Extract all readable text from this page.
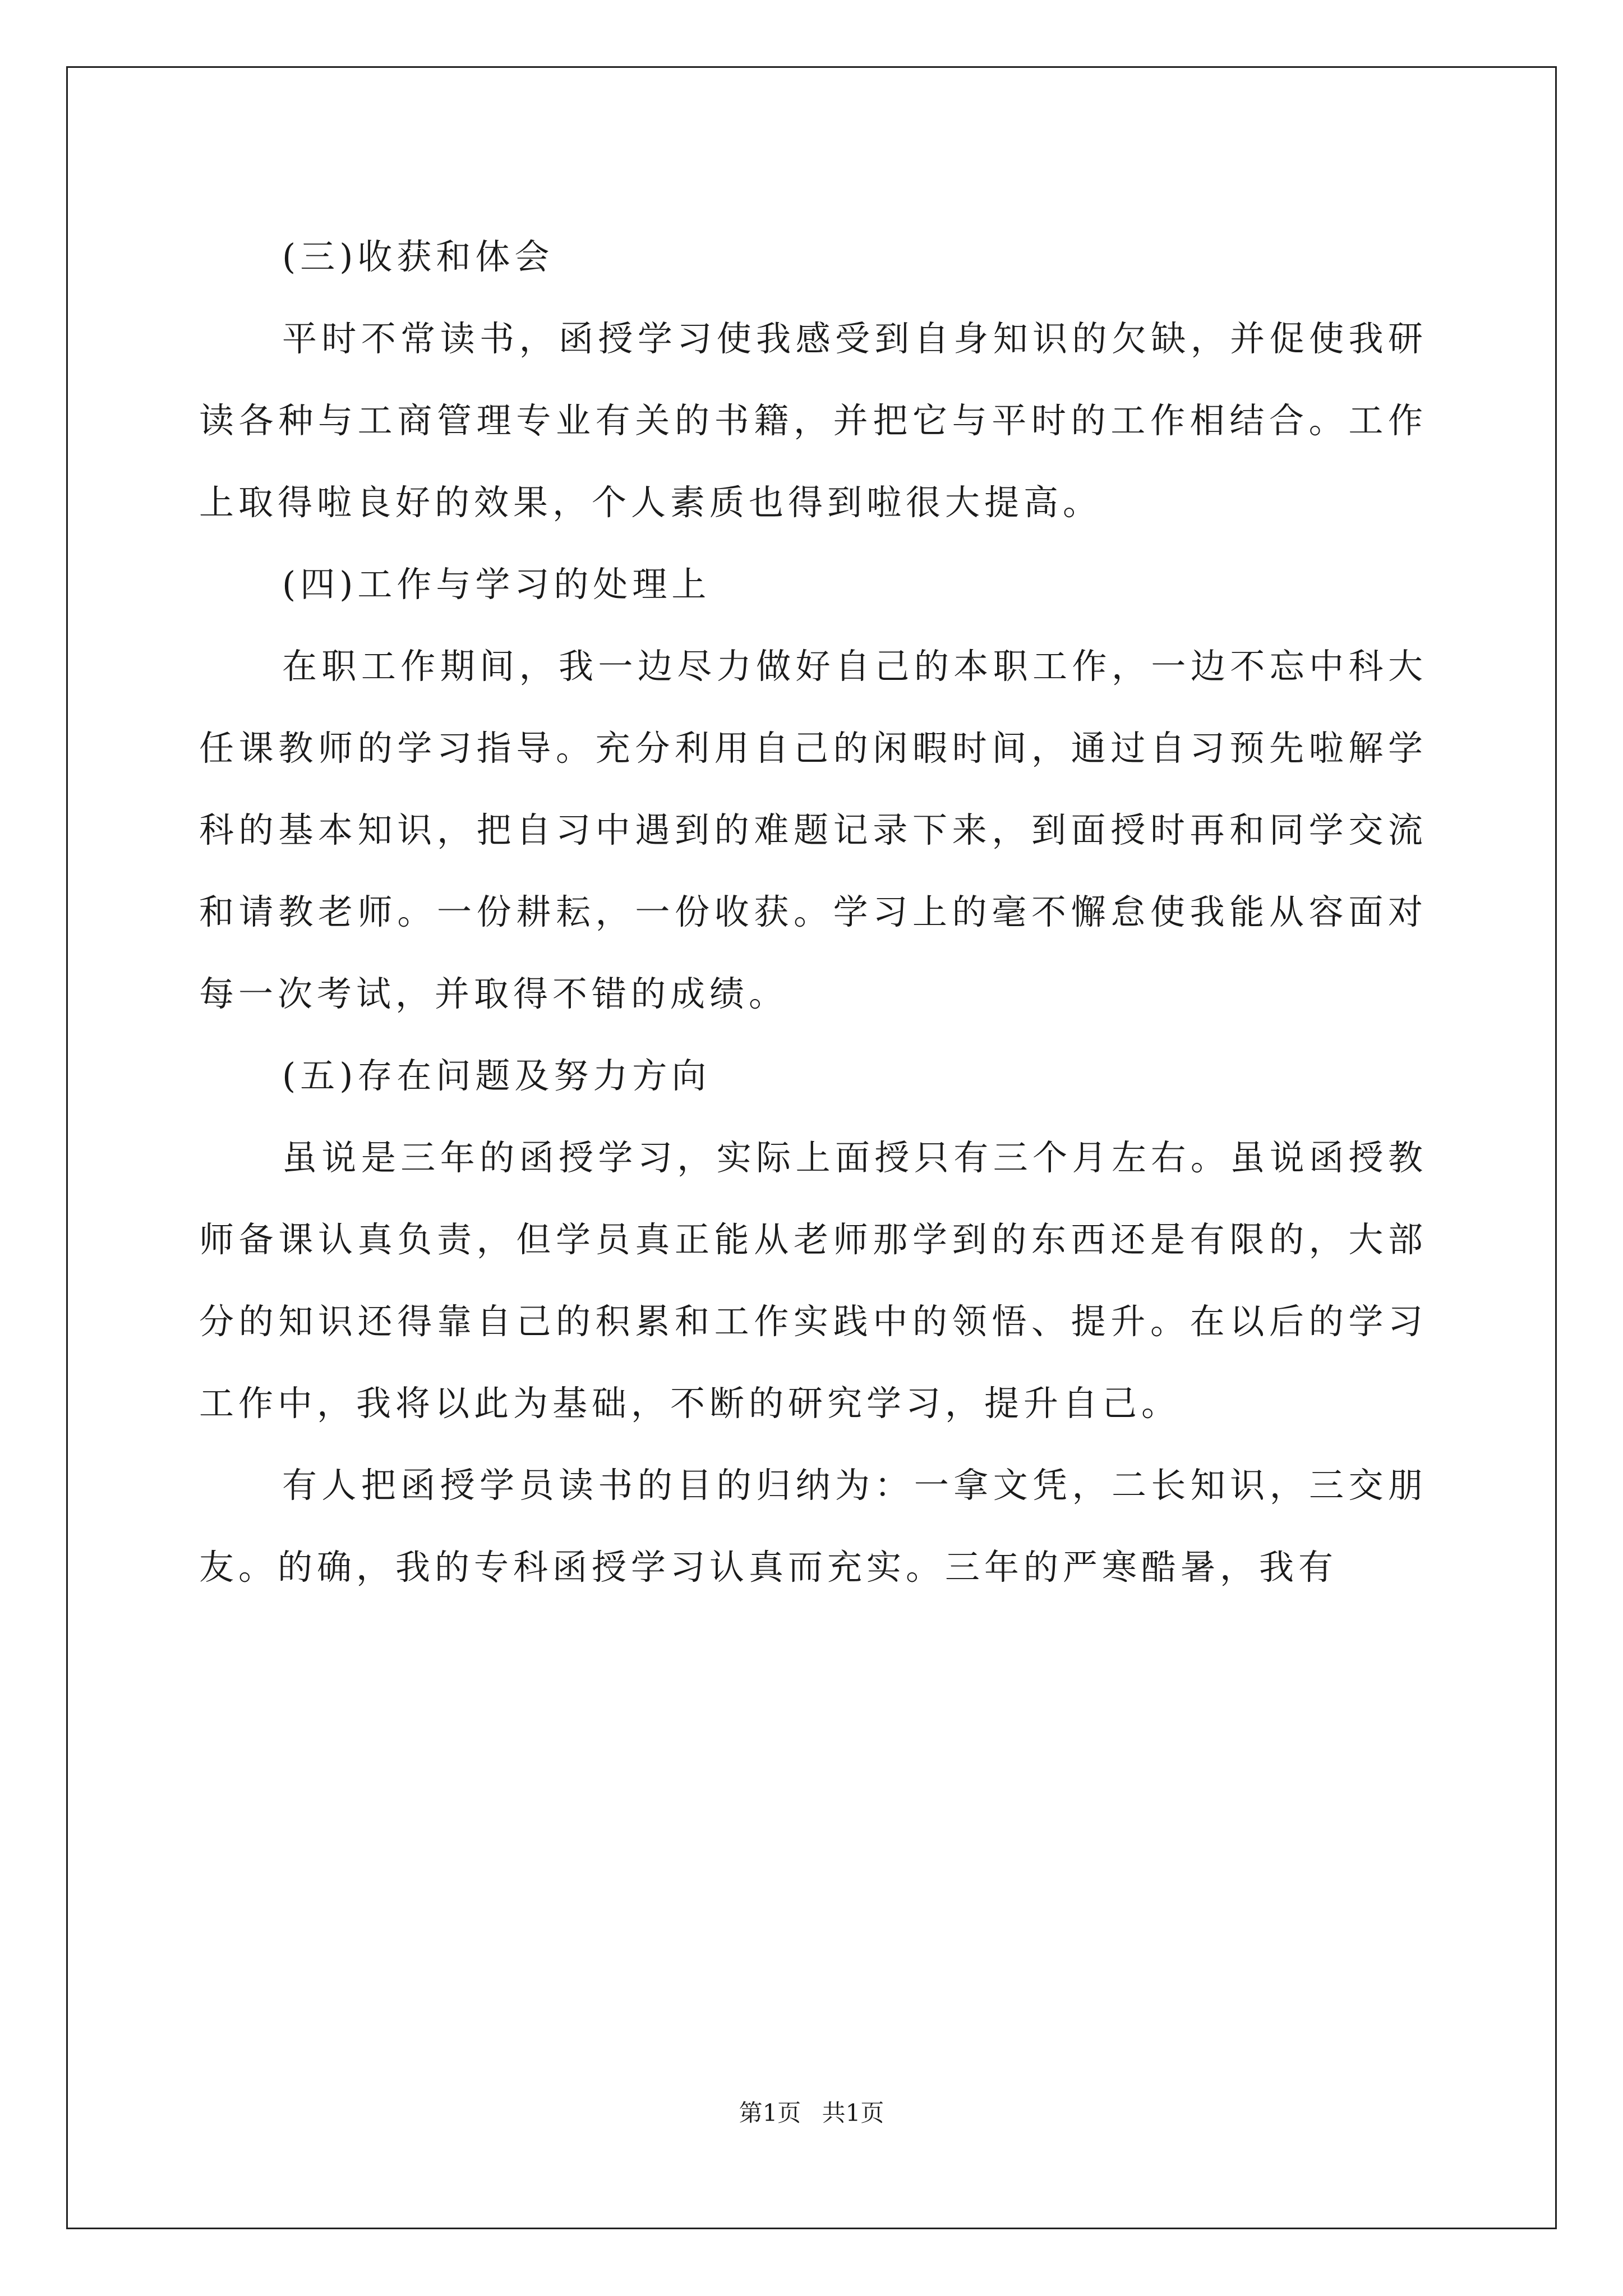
(三)收获和体会

平时不常读书，函授学习使我感受到自身知识的欠缺，并促使我研读各种与工商管理专业有关的书籍，并把它与平时的工作相结合。工作上取得啦良好的效果，个人素质也得到啦很大提高。

(四)工作与学习的处理上

在职工作期间，我一边尽力做好自己的本职工作，一边不忘中科大任课教师的学习指导。充分利用自己的闲暇时间，通过自习预先啦解学科的基本知识，把自习中遇到的难题记录下来，到面授时再和同学交流和请教老师。一份耕耘，一份收获。学习上的毫不懈怠使我能从容面对每一次考试，并取得不错的成绩。

(五)存在问题及努力方向

虽说是三年的函授学习，实际上面授只有三个月左右。虽说函授教师备课认真负责，但学员真正能从老师那学到的东西还是有限的，大部分的知识还得靠自己的积累和工作实践中的领悟、提升。在以后的学习工作中，我将以此为基础，不断的研究学习，提升自己。

有人把函授学员读书的目的归纳为：一拿文凭，二长知识，三交朋友。的确，我的专科函授学习认真而充实。三年的严寒酷暑，我有

第1页 共1页
